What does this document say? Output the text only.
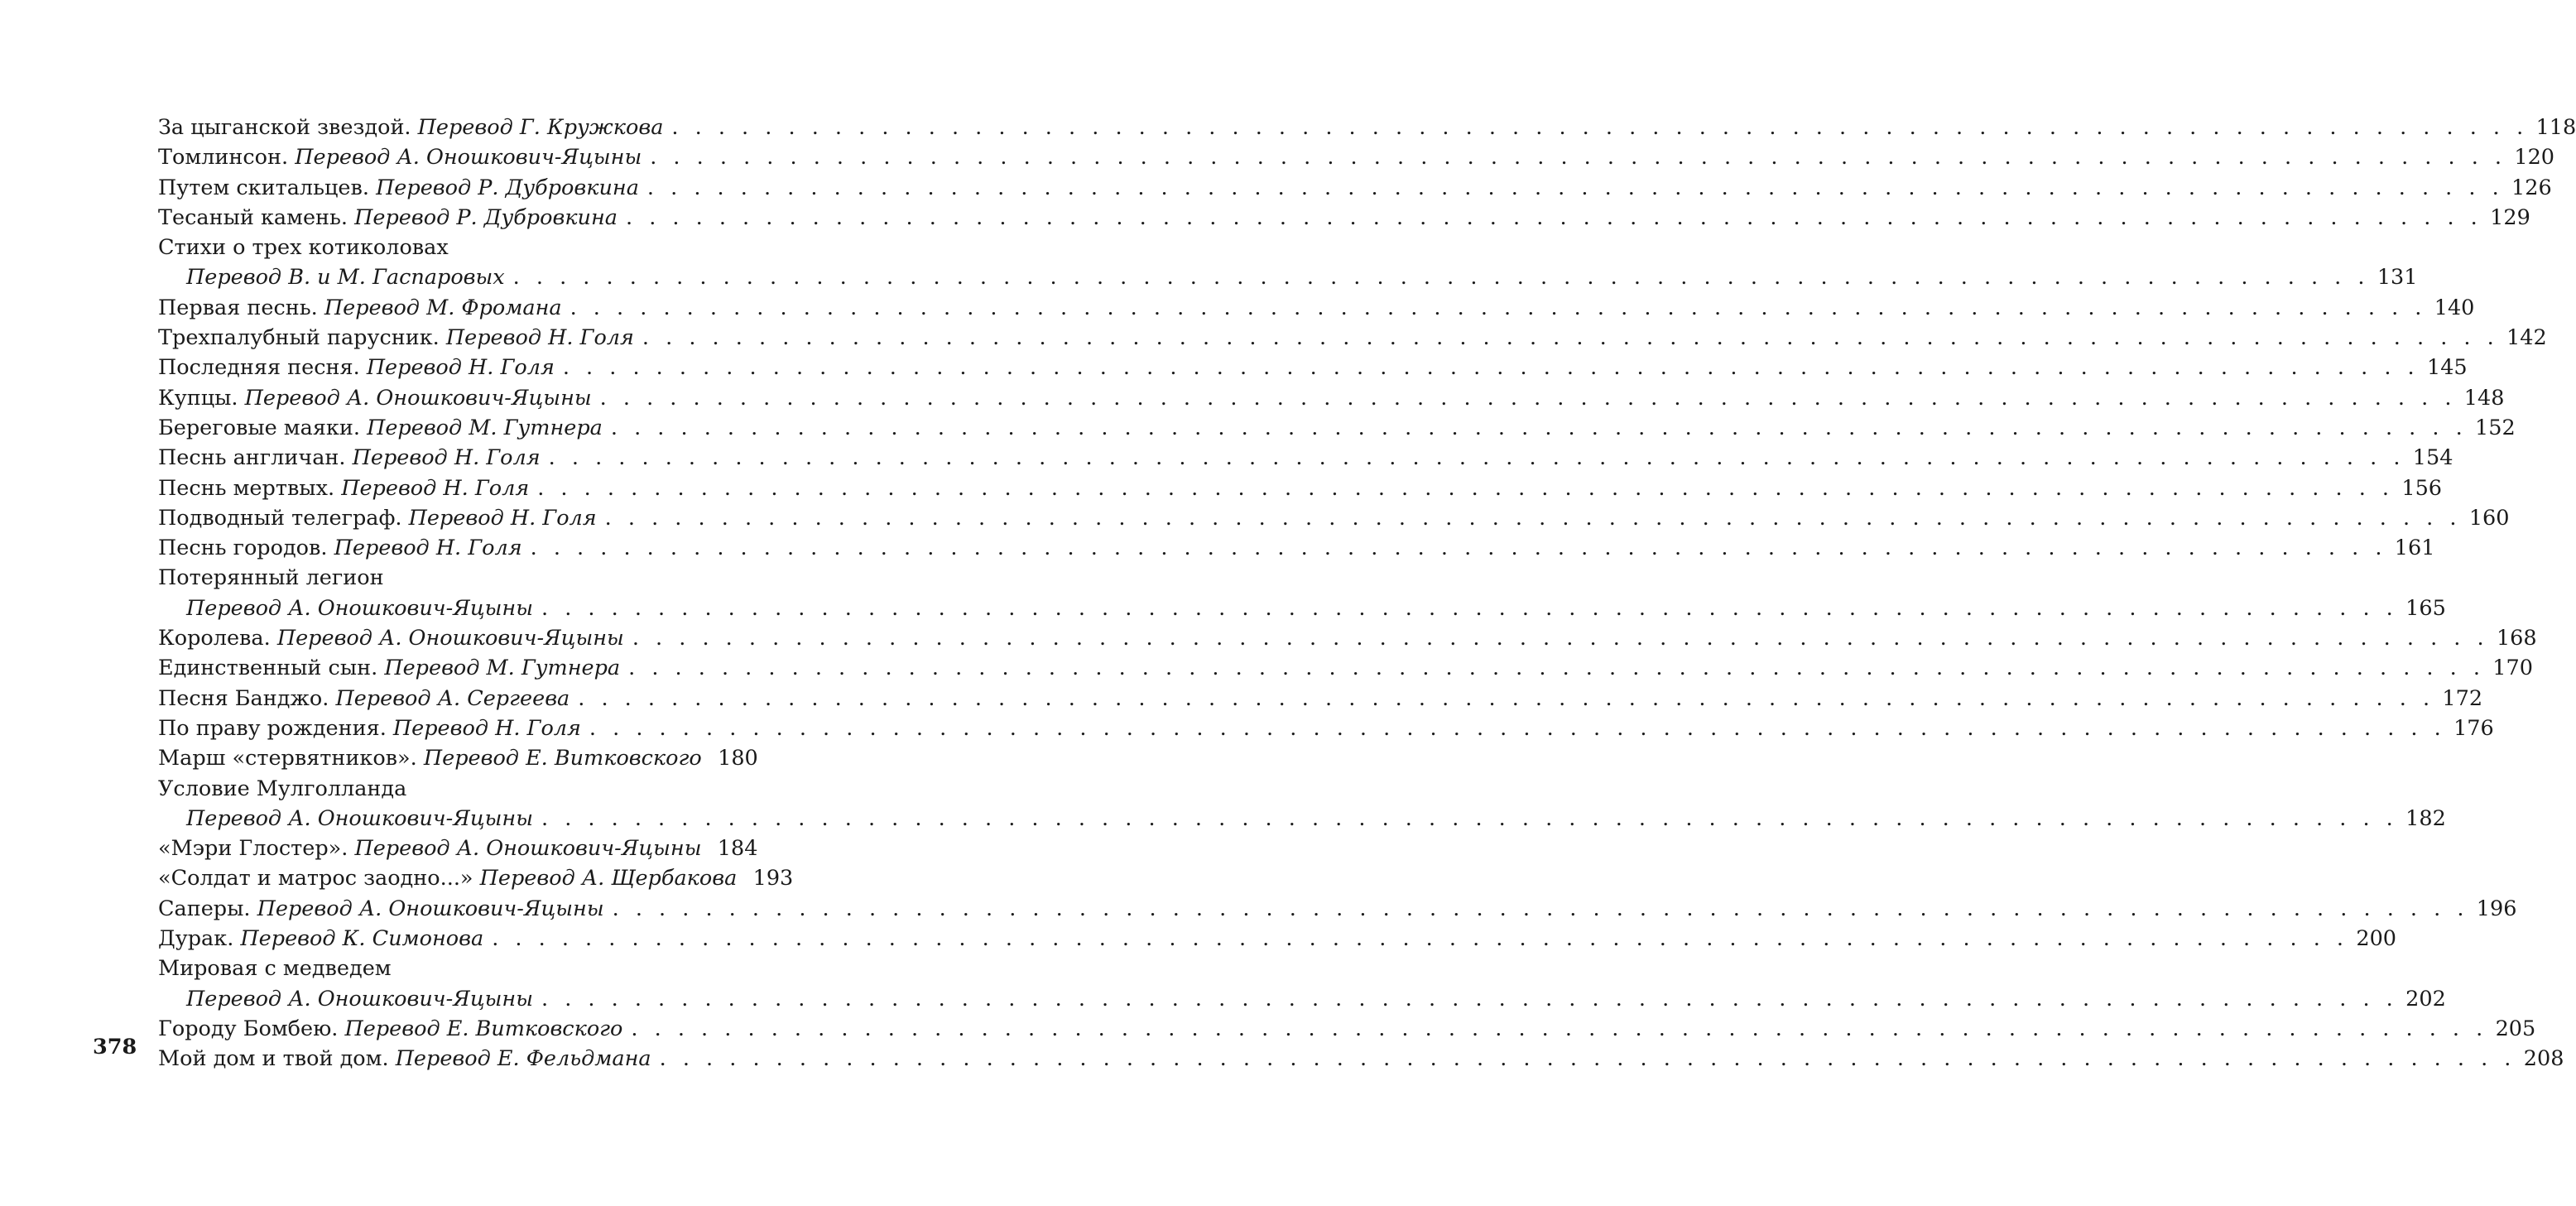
За цыганской звездой.
Перевод Г. Кружкова . . . . . . . . . . . . . . . . . . . . . . . . . . . . . . . . . . . . . . . . . . . . . . . . . . . . . . . . . . . . . . . . . . . . . . . . . . . . . . . . 118
Томлинсон.
Перевод А. Оношкович-Яцыны . . . . . . . . . . . . . . . . . . . . . . . . . . . . . . . . . . . . . . . . . . . . . . . . . . . . . . . . . . . . . . . . . . . . . . . . . . . . . . . . 120
Путем скитальцев.
Перевод Р. Дубровкина . . . . . . . . . . . . . . . . . . . . . . . . . . . . . . . . . . . . . . . . . . . . . . . . . . . . . . . . . . . . . . . . . . . . . . . . . . . . . . . . 126
Тесаный камень.
Перевод Р. Дубровкина . . . . . . . . . . . . . . . . . . . . . . . . . . . . . . . . . . . . . . . . . . . . . . . . . . . . . . . . . . . . . . . . . . . . . . . . . . . . . . . . 129
Стихи о трех котиколовах
Перевод В. и М. Гаспаровых . . . . . . . . . . . . . . . . . . . . . . . . . . . . . . . . . . . . . . . . . . . . . . . . . . . . . . . . . . . . . . . . . . . . . . . . . . . . . . . . 131
Первая песнь.
Перевод М. Фромана . . . . . . . . . . . . . . . . . . . . . . . . . . . . . . . . . . . . . . . . . . . . . . . . . . . . . . . . . . . . . . . . . . . . . . . . . . . . . . . . 140
Трехпалубный парусник.
Перевод Н. Голя . . . . . . . . . . . . . . . . . . . . . . . . . . . . . . . . . . . . . . . . . . . . . . . . . . . . . . . . . . . . . . . . . . . . . . . . . . . . . . . . 142
Последняя песня.
Перевод Н. Голя . . . . . . . . . . . . . . . . . . . . . . . . . . . . . . . . . . . . . . . . . . . . . . . . . . . . . . . . . . . . . . . . . . . . . . . . . . . . . . . . 145
Купцы.
Перевод А. Оношкович-Яцыны . . . . . . . . . . . . . . . . . . . . . . . . . . . . . . . . . . . . . . . . . . . . . . . . . . . . . . . . . . . . . . . . . . . . . . . . . . . . . . . . 148
Береговые маяки.
Перевод М. Гутнера . . . . . . . . . . . . . . . . . . . . . . . . . . . . . . . . . . . . . . . . . . . . . . . . . . . . . . . . . . . . . . . . . . . . . . . . . . . . . . . . 152
Песнь англичан.
Перевод Н. Голя . . . . . . . . . . . . . . . . . . . . . . . . . . . . . . . . . . . . . . . . . . . . . . . . . . . . . . . . . . . . . . . . . . . . . . . . . . . . . . . . 154
Песнь мертвых.
Перевод Н. Голя . . . . . . . . . . . . . . . . . . . . . . . . . . . . . . . . . . . . . . . . . . . . . . . . . . . . . . . . . . . . . . . . . . . . . . . . . . . . . . . . 156
Подводный телеграф.
Перевод Н. Голя . . . . . . . . . . . . . . . . . . . . . . . . . . . . . . . . . . . . . . . . . . . . . . . . . . . . . . . . . . . . . . . . . . . . . . . . . . . . . . . . 160
Песнь городов.
Перевод Н. Голя . . . . . . . . . . . . . . . . . . . . . . . . . . . . . . . . . . . . . . . . . . . . . . . . . . . . . . . . . . . . . . . . . . . . . . . . . . . . . . . . 161
Потерянный легион
Перевод А. Оношкович-Яцыны . . . . . . . . . . . . . . . . . . . . . . . . . . . . . . . . . . . . . . . . . . . . . . . . . . . . . . . . . . . . . . . . . . . . . . . . . . . . . . . . 165
Королева.
Перевод А. Оношкович-Яцыны . . . . . . . . . . . . . . . . . . . . . . . . . . . . . . . . . . . . . . . . . . . . . . . . . . . . . . . . . . . . . . . . . . . . . . . . . . . . . . . . 168
Единственный сын.
Перевод М. Гутнера . . . . . . . . . . . . . . . . . . . . . . . . . . . . . . . . . . . . . . . . . . . . . . . . . . . . . . . . . . . . . . . . . . . . . . . . . . . . . . . . 170
Песня Банджо.
Перевод А. Сергеева . . . . . . . . . . . . . . . . . . . . . . . . . . . . . . . . . . . . . . . . . . . . . . . . . . . . . . . . . . . . . . . . . . . . . . . . . . . . . . . . 172
По праву рождения.
Перевод Н. Голя . . . . . . . . . . . . . . . . . . . . . . . . . . . . . . . . . . . . . . . . . . . . . . . . . . . . . . . . . . . . . . . . . . . . . . . . . . . . . . . . 176
Марш «стервятников».
Перевод Е. Витковского 180
Условие Мулголланда
Перевод А. Оношкович-Яцыны . . . . . . . . . . . . . . . . . . . . . . . . . . . . . . . . . . . . . . . . . . . . . . . . . . . . . . . . . . . . . . . . . . . . . . . . . . . . . . . . 182
«Мэри Глостер».
Перевод А. Оношкович-Яцыны 184
«Солдат и матрос заодно...»
Перевод А. Щербакова 193
Саперы.
Перевод А. Оношкович-Яцыны . . . . . . . . . . . . . . . . . . . . . . . . . . . . . . . . . . . . . . . . . . . . . . . . . . . . . . . . . . . . . . . . . . . . . . . . . . . . . . . . 196
Дурак.
Перевод К. Симонова . . . . . . . . . . . . . . . . . . . . . . . . . . . . . . . . . . . . . . . . . . . . . . . . . . . . . . . . . . . . . . . . . . . . . . . . . . . . . . . . 200
Мировая с медведем
Перевод А. Оношкович-Яцыны . . . . . . . . . . . . . . . . . . . . . . . . . . . . . . . . . . . . . . . . . . . . . . . . . . . . . . . . . . . . . . . . . . . . . . . . . . . . . . . . 202
Городу Бомбею.
Перевод Е. Витковского . . . . . . . . . . . . . . . . . . . . . . . . . . . . . . . . . . . . . . . . . . . . . . . . . . . . . . . . . . . . . . . . . . . . . . . . . . . . . . . . 205
Мой дом и твой дом.
Перевод Е. Фельдмана . . . . . . . . . . . . . . . . . . . . . . . . . . . . . . . . . . . . . . . . . . . . . . . . . . . . . . . . . . . . . . . . . . . . . . . . . . . . . . . . 208
378
